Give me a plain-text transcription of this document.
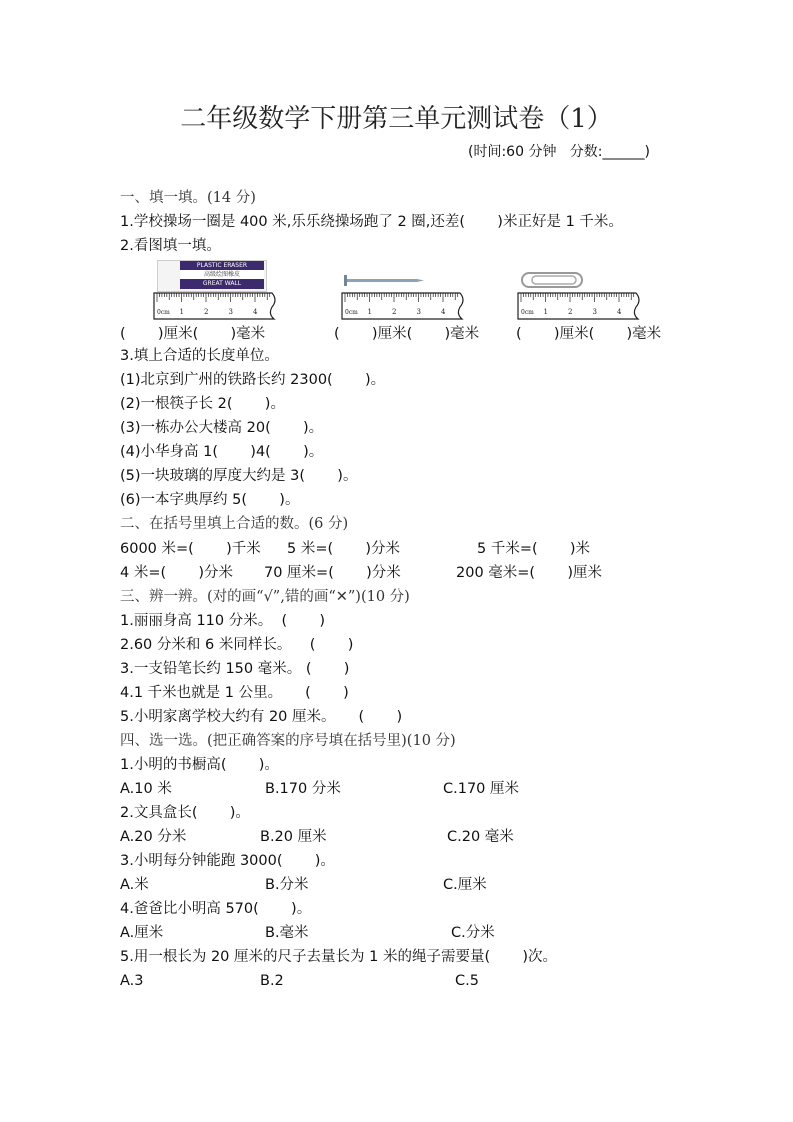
二年级数学下册第三单元测试卷（1）
(时间:60 分钟   分数:______)
一、填一填。(14 分)
1.学校操场一圈是 400 米,乐乐绕操场跑了 2 圈,还差(       )米正好是 1 千米。
2.看图填一填。
PLASTIC ERASER
高级绘图橡皮
GREAT WALL
0cm 1	2	3	4	0cm 1	2	3	4	0cm 1	2	3	4
(       )厘米(       )毫米	(       )厘米(       )毫米	(       )厘米(       )毫米
3.填上合适的长度单位。
(1)北京到广州的铁路长约 2300(       )。
(2)一根筷子长 2(       )。
(3)一栋办公大楼高 20(       )。
(4)小华身高 1(       )4(       )。
(5)一块玻璃的厚度大约是 3(       )。
(6)一本字典厚约 5(       )。
二、在括号里填上合适的数。(6 分)
6000 米=(       )千米 5 米=(       )分米	5 千米=(       )米
4 米=(       )分米 70 厘米=(       )分米	200 毫米=(       )厘米
三、辨一辨。(对的画“√”,错的画“✕”)(10 分)
1.丽丽身高 110 分米。  (       )
2.60 分米和 6 米同样长。    (       )
3.一支铅笔长约 150 毫米。 (       )
4.1 千米也就是 1 公里。     (       )
5.小明家离学校大约有 20 厘米。     (       )
四、选一选。(把正确答案的序号填在括号里)(10 分)
1.小明的书橱高(       )。
A.10 米	B.170 分米	C.170 厘米
2.文具盒长(       )。
A.20 分米	B.20 厘米	C.20 毫米
3.小明每分钟能跑 3000(       )。
A.米	B.分米	C.厘米
4.爸爸比小明高 570(       )。
A.厘米	B.毫米	C.分米
5.用一根长为 20 厘米的尺子去量长为 1 米的绳子需要量(       )次。
A.3	B.2	C.5
